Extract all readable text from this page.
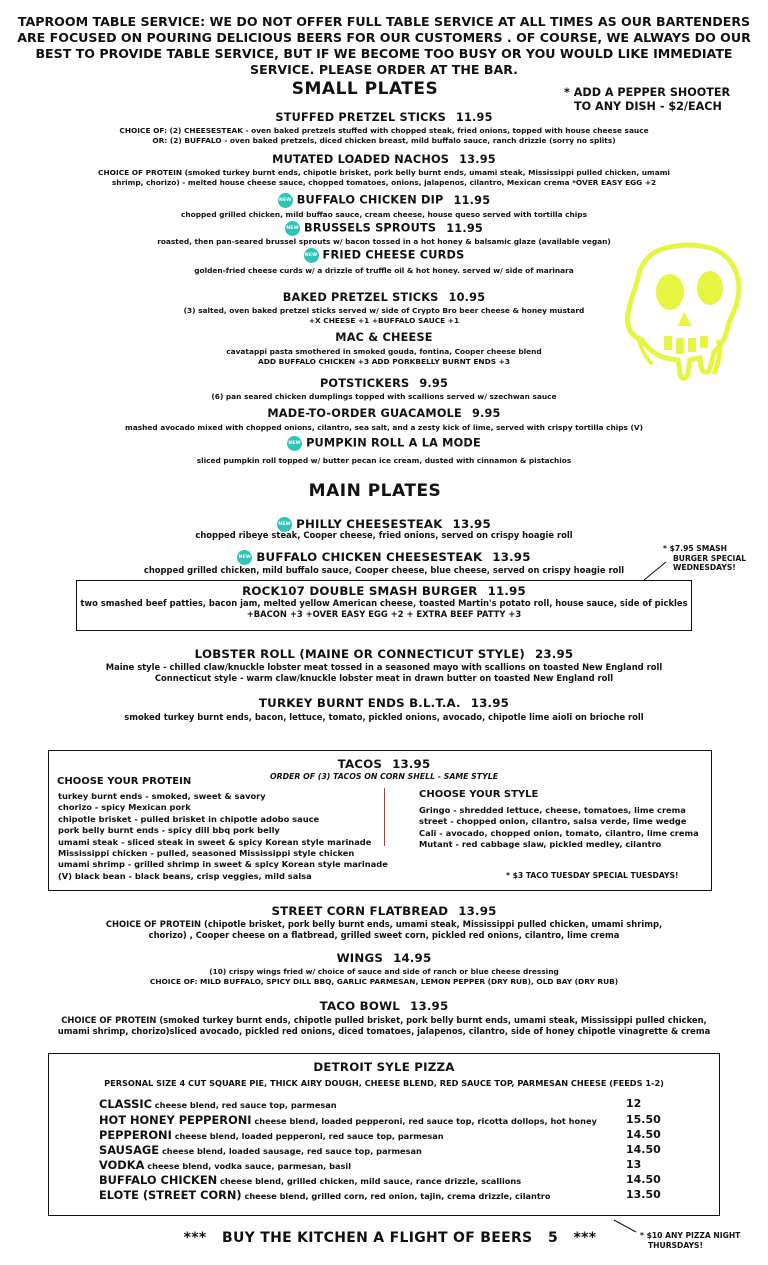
TAPROOM TABLE SERVICE: WE DO NOT OFFER FULL TABLE SERVICE AT ALL TIMES AS OUR BARTENDERS ARE FOCUSED ON POURING DELICIOUS BEERS FOR OUR CUSTOMERS . OF COURSE, WE ALWAYS DO OUR BEST TO PROVIDE TABLE SERVICE, BUT IF WE BECOME TOO BUSY OR YOU WOULD LIKE IMMEDIATE SERVICE. PLEASE ORDER AT THE BAR.
SMALL PLATES	* ADD A PEPPER SHOOTER
TO ANY DISH - $2/EACH
STUFFED PRETZEL STICKS 11.95
CHOICE OF: (2) CHEESESTEAK - oven baked pretzels stuffed with chopped steak, fried onions, topped with house cheese sauce
OR: (2) BUFFALO - oven baked pretzels, diced chicken breast, mild buffalo sauce, ranch drizzle (sorry no splits)
MUTATED LOADED NACHOS 13.95
CHOICE OF PROTEIN (smoked turkey burnt ends, chipotle brisket, pork belly burnt ends, umami steak, Mississippi pulled chicken, umami
shrimp, chorizo) - melted house cheese sauce, chopped tomatoes, onions, jalapenos, cilantro, Mexican crema *OVER EASY EGG +2
NEW BUFFALO CHICKEN DIP 11.95
chopped grilled chicken, mild buffao sauce, cream cheese, house queso served with tortilla chips
NEW BRUSSELS SPROUTS 11.95
roasted, then pan-seared brussel sprouts w/ bacon tossed in a hot honey & balsamic glaze (available vegan)
NEW FRIED CHEESE CURDS
golden-fried cheese curds w/ a drizzle of truffle oil & hot honey. served w/ side of marinara
BAKED PRETZEL STICKS 10.95
(3) salted, oven baked pretzel sticks served w/ side of Crypto Bro beer cheese & honey mustard
+X CHEESE +1 +BUFFALO SAUCE +1
MAC & CHEESE
cavatappi pasta smothered in smoked gouda, fontina, Cooper cheese blend
ADD BUFFALO CHICKEN +3 ADD PORKBELLY BURNT ENDS +3
POTSTICKERS 9.95
(6) pan seared chicken dumplings topped with scallions served w/ szechwan sauce
MADE-TO-ORDER GUACAMOLE 9.95
mashed avocado mixed with chopped onions, cilantro, sea salt, and a zesty kick of lime, served with crispy tortilla chips (V)
NEW PUMPKIN ROLL A LA MODE
sliced pumpkin roll topped w/ butter pecan ice cream, dusted with cinnamon & pistachios
MAIN PLATES
NEW PHILLY CHEESESTEAK 13.95
chopped ribeye steak, Cooper cheese, fried onions, served on crispy hoagie roll
NEW BUFFALO CHICKEN CHEESESTEAK 13.95
chopped grilled chicken, mild buffalo sauce, Cooper cheese, blue cheese, served on crispy hoagie roll
* $7.95 SMASH
BURGER SPECIAL
WEDNESDAYS!
ROCK107 DOUBLE SMASH BURGER 11.95
two smashed beef patties, bacon jam, melted yellow American cheese, toasted Martin's potato roll, house sauce, side of pickles
+BACON +3 +OVER EASY EGG +2 + EXTRA BEEF PATTY +3
LOBSTER ROLL (MAINE OR CONNECTICUT STYLE) 23.95
Maine style - chilled claw/knuckle lobster meat tossed in a seasoned mayo with scallions on toasted New England roll
Connecticut style - warm claw/knuckle lobster meat in drawn butter on toasted New England roll
TURKEY BURNT ENDS B.L.T.A. 13.95
smoked turkey burnt ends, bacon, lettuce, tomato, pickled onions, avocado, chipotle lime aioli on brioche roll
TACOS 13.95
ORDER OF (3) TACOS ON CORN SHELL - SAME STYLE
CHOOSE YOUR PROTEIN
turkey burnt ends - smoked, sweet & savory
chorizo - spicy Mexican pork
chipotle brisket - pulled brisket in chipotle adobo sauce
pork belly burnt ends - spicy dill bbq pork belly
umami steak - sliced steak in sweet & spicy Korean style marinade
Mississippi chicken - pulled, seasoned Mississippi style chicken
umami shrimp - grilled shrimp in sweet & spicy Korean style marinade
(V) black bean - black beans, crisp veggies, mild salsa
CHOOSE YOUR STYLE
Gringo - shredded lettuce, cheese, tomatoes, lime crema
street - chopped onion, cilantro, salsa verde, lime wedge
Cali - avocado, chopped onion, tomato, cilantro, lime crema
Mutant - red cabbage slaw, pickled medley, cilantro
* $3 TACO TUESDAY SPECIAL TUESDAYS!
STREET CORN FLATBREAD 13.95
CHOICE OF PROTEIN (chipotle brisket, pork belly burnt ends, umami steak, Mississippi pulled chicken, umami shrimp,
chorizo) , Cooper cheese on a flatbread, grilled sweet corn, pickled red onions, cilantro, lime crema
WINGS 14.95
(10) crispy wings fried w/ choice of sauce and side of ranch or blue cheese dressing
CHOICE OF: MILD BUFFALO, SPICY DILL BBQ, GARLIC PARMESAN, LEMON PEPPER (DRY RUB), OLD BAY (DRY RUB)
TACO BOWL 13.95
CHOICE OF PROTEIN (smoked turkey burnt ends, chipotle pulled brisket, pork belly burnt ends, umami steak, Mississippi pulled chicken,
umami shrimp, chorizo)sliced avocado, pickled red onions, diced tomatoes, jalapenos, cilantro, side of honey chipotle vinagrette & crema
DETROIT SYLE PIZZA
PERSONAL SIZE 4 CUT SQUARE PIE, THICK AIRY DOUGH, CHEESE BLEND, RED SAUCE TOP, PARMESAN CHEESE (FEEDS 1-2)
CLASSIC cheese blend, red sauce top, parmesan	12
HOT HONEY PEPPERONI cheese blend, loaded pepperoni, red sauce top, ricotta dollops, hot honey	15.50
PEPPERONI cheese blend, loaded pepperoni, red sauce top, parmesan	14.50
SAUSAGE cheese blend, loaded sausage, red sauce top, parmesan	14.50
VODKA cheese blend, vodka sauce, parmesan, basil	13
BUFFALO CHICKEN cheese blend, grilled chicken, mild sauce, rance drizzle, scallions	14.50
ELOTE (STREET CORN) cheese blend, grilled corn, red onion, tajin, crema drizzle, cilantro	13.50
***   BUY THE KITCHEN A FLIGHT OF BEERS   5   ***	* $10 ANY PIZZA NIGHT
THURSDAYS!
